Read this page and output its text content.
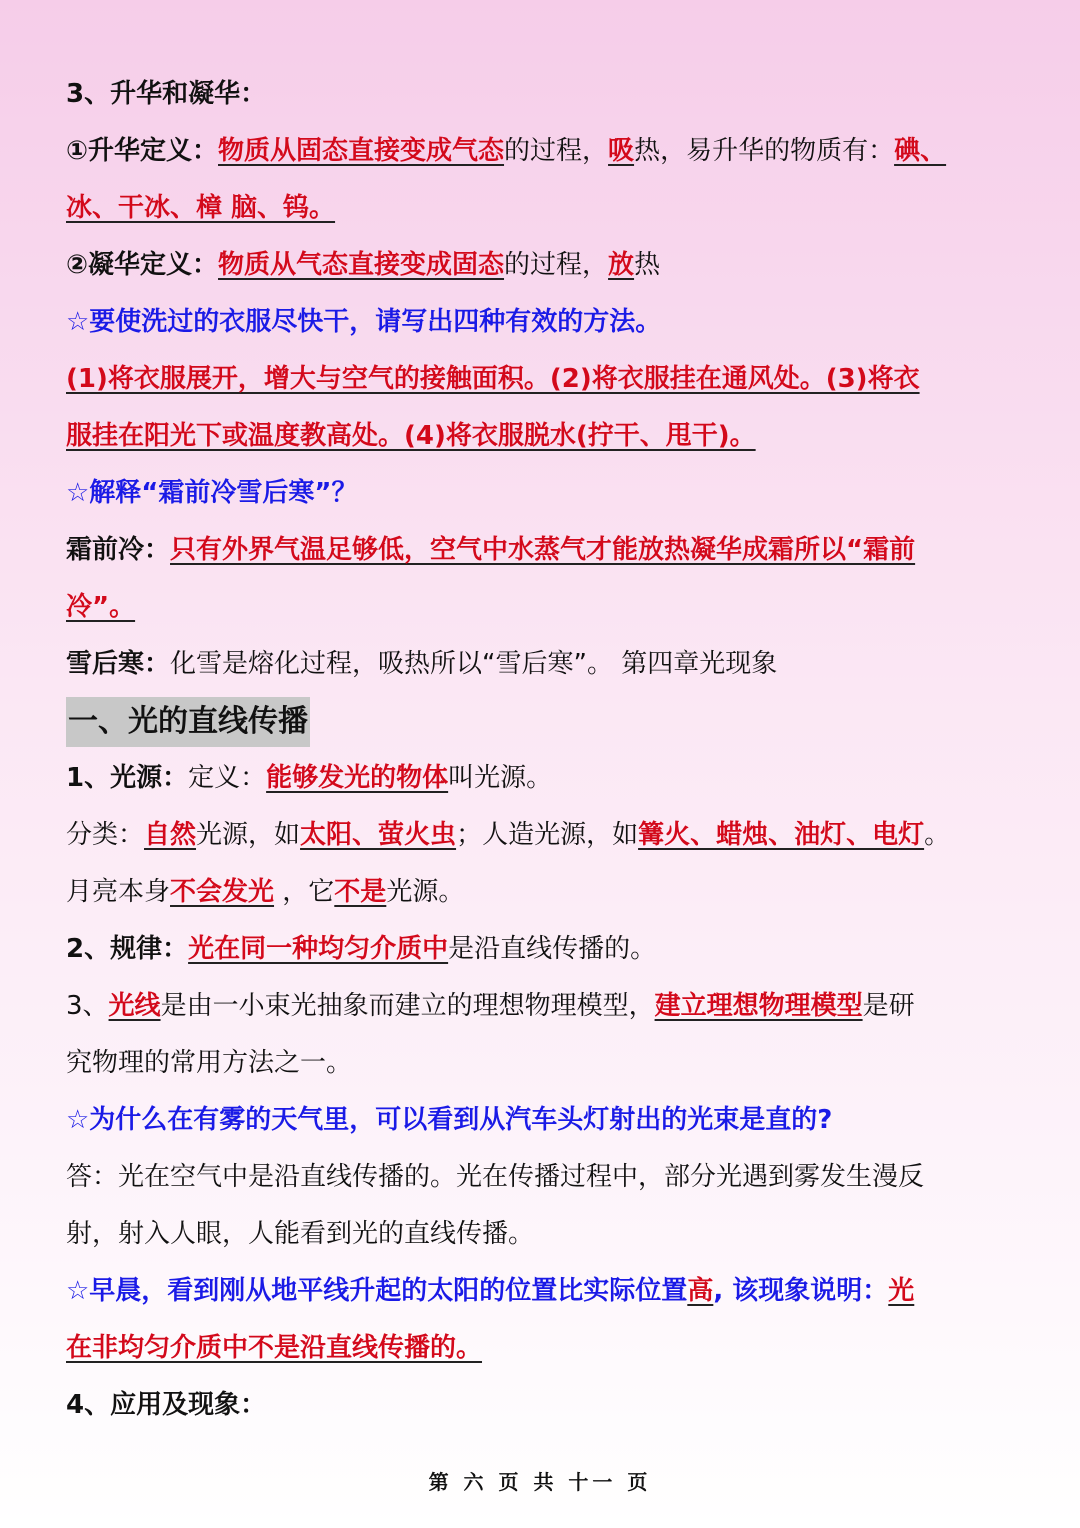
3、升华和凝华：
①升华定义：物质从固态直接变成气态的过程，吸热，易升华的物质有：碘、
冰、干冰、樟 脑、钨。
②凝华定义：物质从气态直接变成固态的过程，放热
☆要使洗过的衣服尽快干，请写出四种有效的方法。
(1)将衣服展开，增大与空气的接触面积。(2)将衣服挂在通风处。(3)将衣
服挂在阳光下或温度教高处。(4)将衣服脱水(拧干、甩干)。
☆解释“霜前冷雪后寒”？
霜前冷：只有外界气温足够低，空气中水蒸气才能放热凝华成霜所以“霜前
冷”。
雪后寒：化雪是熔化过程，吸热所以“雪后寒”。 第四章光现象
一、光的直线传播
1、光源：定义：能够发光的物体叫光源。
分类：自然光源，如太阳、萤火虫；人造光源，如篝火、蜡烛、油灯、电灯。
月亮本身不会发光 ，它不是光源。
2、规律：光在同一种均匀介质中是沿直线传播的。
3、光线是由一小束光抽象而建立的理想物理模型，建立理想物理模型是研
究物理的常用方法之一。
☆为什么在有雾的天气里，可以看到从汽车头灯射出的光束是直的?
答：光在空气中是沿直线传播的。光在传播过程中，部分光遇到雾发生漫反
射，射入人眼，人能看到光的直线传播。
☆早晨，看到刚从地平线升起的太阳的位置比实际位置高, 该现象说明：光
在非均匀介质中不是沿直线传播的。
4、应用及现象：
第 六 页 共 十一 页
